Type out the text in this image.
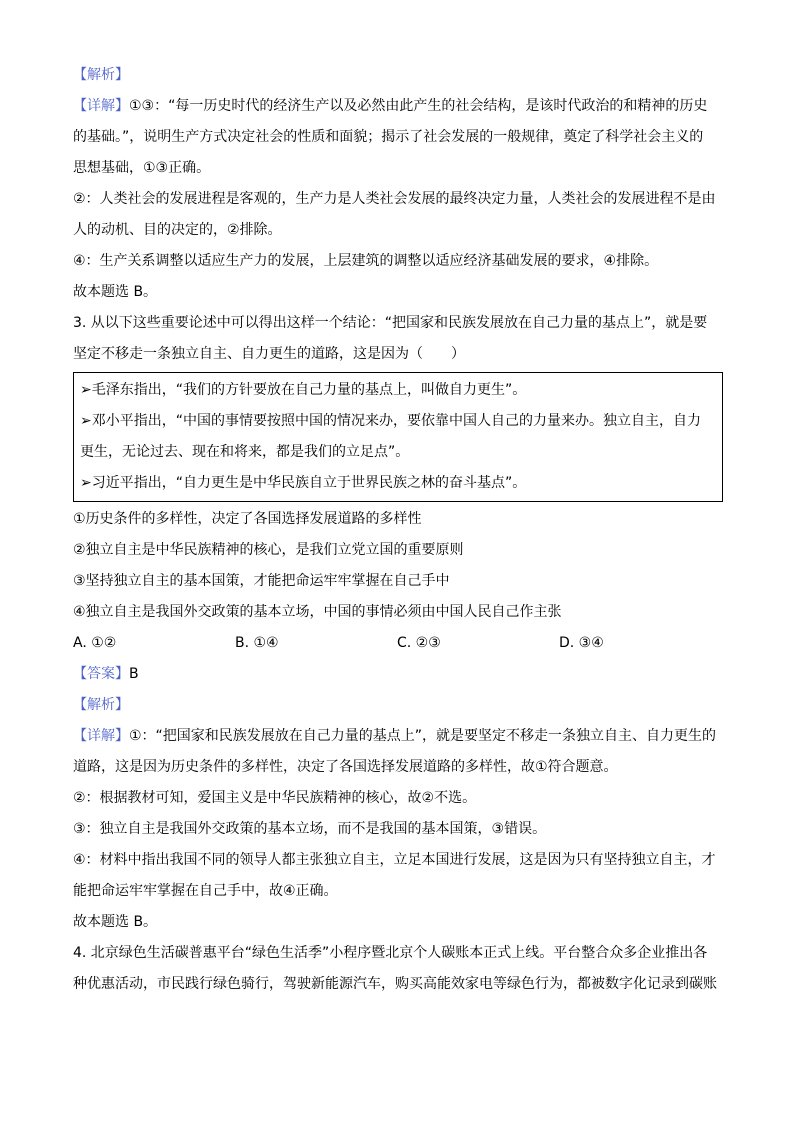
【解析】
【详解】①③：“每一历史时代的经济生产以及必然由此产生的社会结构，是该时代政治的和精神的历史
的基础。”，说明生产方式决定社会的性质和面貌；揭示了社会发展的一般规律，奠定了科学社会主义的
思想基础，①③正确。
②：人类社会的发展进程是客观的，生产力是人类社会发展的最终决定力量，人类社会的发展进程不是由
人的动机、目的决定的，②排除。
④：生产关系调整以适应生产力的发展，上层建筑的调整以适应经济基础发展的要求，④排除。
故本题选 B。
3. 从以下这些重要论述中可以得出这样一个结论：“把国家和民族发展放在自己力量的基点上”，就是要
坚定不移走一条独立自主、自力更生的道路，这是因为（　　）
➢毛泽东指出，“我们的方针要放在自己力量的基点上，叫做自力更生”。
➢邓小平指出，“中国的事情要按照中国的情况来办，要依靠中国人自己的力量来办。独立自主，自力
更生，无论过去、现在和将来，都是我们的立足点”。
➢习近平指出，“自力更生是中华民族自立于世界民族之林的奋斗基点”。
①历史条件的多样性，决定了各国选择发展道路的多样性
②独立自主是中华民族精神的核心，是我们立党立国的重要原则
③坚持独立自主的基本国策，才能把命运牢牢掌握在自己手中
④独立自主是我国外交政策的基本立场，中国的事情必须由中国人民自己作主张
A. ①②	B. ①④	C. ②③	D. ③④
【答案】B
【解析】
【详解】①：“把国家和民族发展放在自己力量的基点上”，就是要坚定不移走一条独立自主、自力更生的
道路，这是因为历史条件的多样性，决定了各国选择发展道路的多样性，故①符合题意。
②：根据教材可知，爱国主义是中华民族精神的核心，故②不选。
③：独立自主是我国外交政策的基本立场，而不是我国的基本国策，③错误。
④：材料中指出我国不同的领导人都主张独立自主，立足本国进行发展，这是因为只有坚持独立自主，才
能把命运牢牢掌握在自己手中，故④正确。
故本题选 B。
4. 北京绿色生活碳普惠平台“绿色生活季”小程序暨北京个人碳账本正式上线。平台整合众多企业推出各
种优惠活动，市民践行绿色骑行，驾驶新能源汽车，购买高能效家电等绿色行为，都被数字化记录到碳账
